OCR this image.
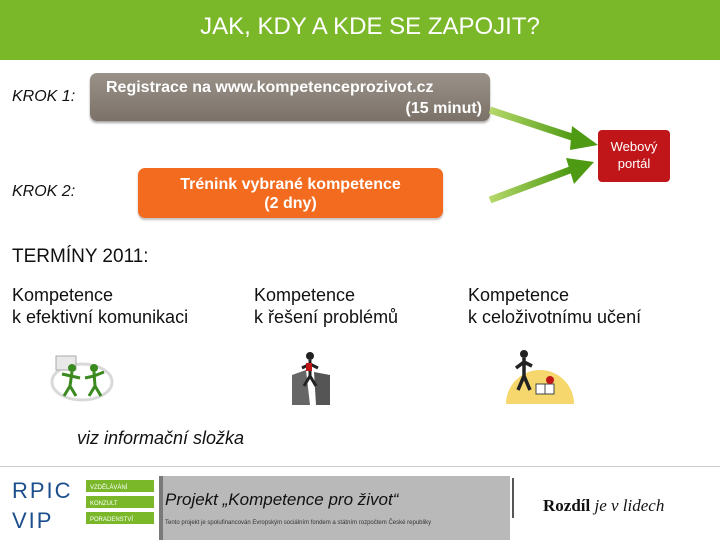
JAK, KDY A KDE SE ZAPOJIT?
KROK 1:
Registrace na www.kompetenceprozivot.cz
(15 minut)
KROK 2:	Trénink vybrané kompetence
(2 dny)
Webový
portál
TERMÍNY 2011:
Kompetence
k efektivní komunikaci
Kompetence
k řešení problémů
Kompetence
k celoživotnímu učení
viz informační složka
RPIC
VIP
VZDĚLÁVÁNÍ
KONZULT
PORADENSTVÍ
Projekt „Kompetence pro život“
Tento projekt je spolufinancován Evropským sociálním fondem a státním rozpočtem České republiky
Rozdíl je v lidech
